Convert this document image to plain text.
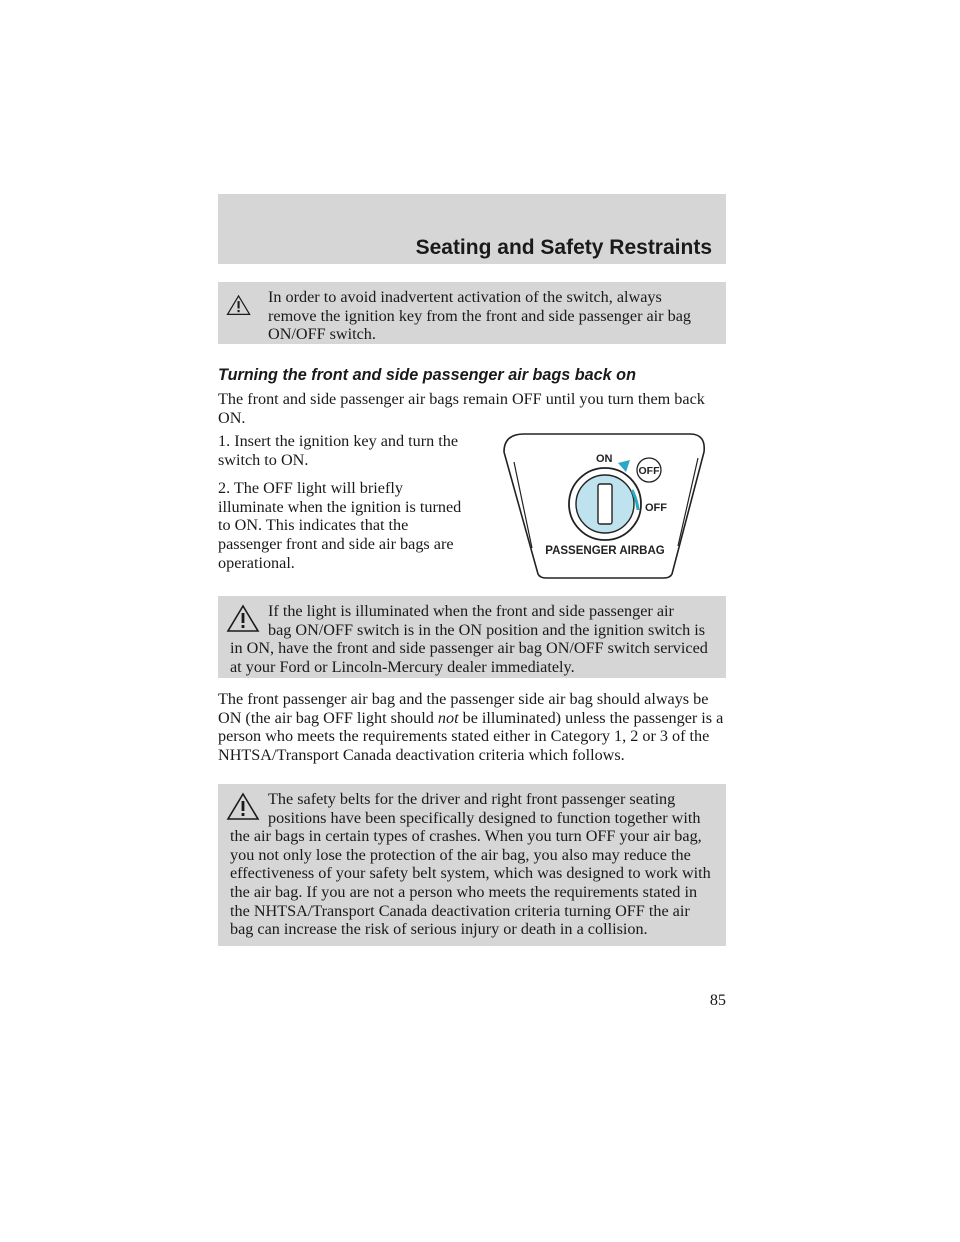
Seating and Safety Restraints

In order to avoid inadvertent activation of the switch, always

remove the ignition key from the front and side passenger air bag ON/OFF switch.

Turning the front and side passenger air bags back on

The front and side passenger air bags remain OFF until you turn them back ON.

1. Insert the ignition key and turn the switch to ON.

2. The OFF light will briefly illuminate when the ignition is turned to ON. This indicates that the passenger front and side air bags are operational.

ON
OFF
OFF
PASSENGER AIRBAG

If the light is illuminated when the front and side passenger air

bag ON/OFF switch is in the ON position and the ignition switch is in ON, have the front and side passenger air bag ON/OFF switch serviced at your Ford or Lincoln-Mercury dealer immediately.

The front passenger air bag and the passenger side air bag should always be ON (the air bag OFF light should not be illuminated) unless the passenger is a person who meets the requirements stated either in Category 1, 2 or 3 of the NHTSA/Transport Canada deactivation criteria which follows.

The safety belts for the driver and right front passenger seating

positions have been specifically designed to function together with the air bags in certain types of crashes. When you turn OFF your air bag, you not only lose the protection of the air bag, you also may reduce the effectiveness of your safety belt system, which was designed to work with the air bag. If you are not a person who meets the requirements stated in the NHTSA/Transport Canada deactivation criteria turning OFF the air bag can increase the risk of serious injury or death in a collision.

85
